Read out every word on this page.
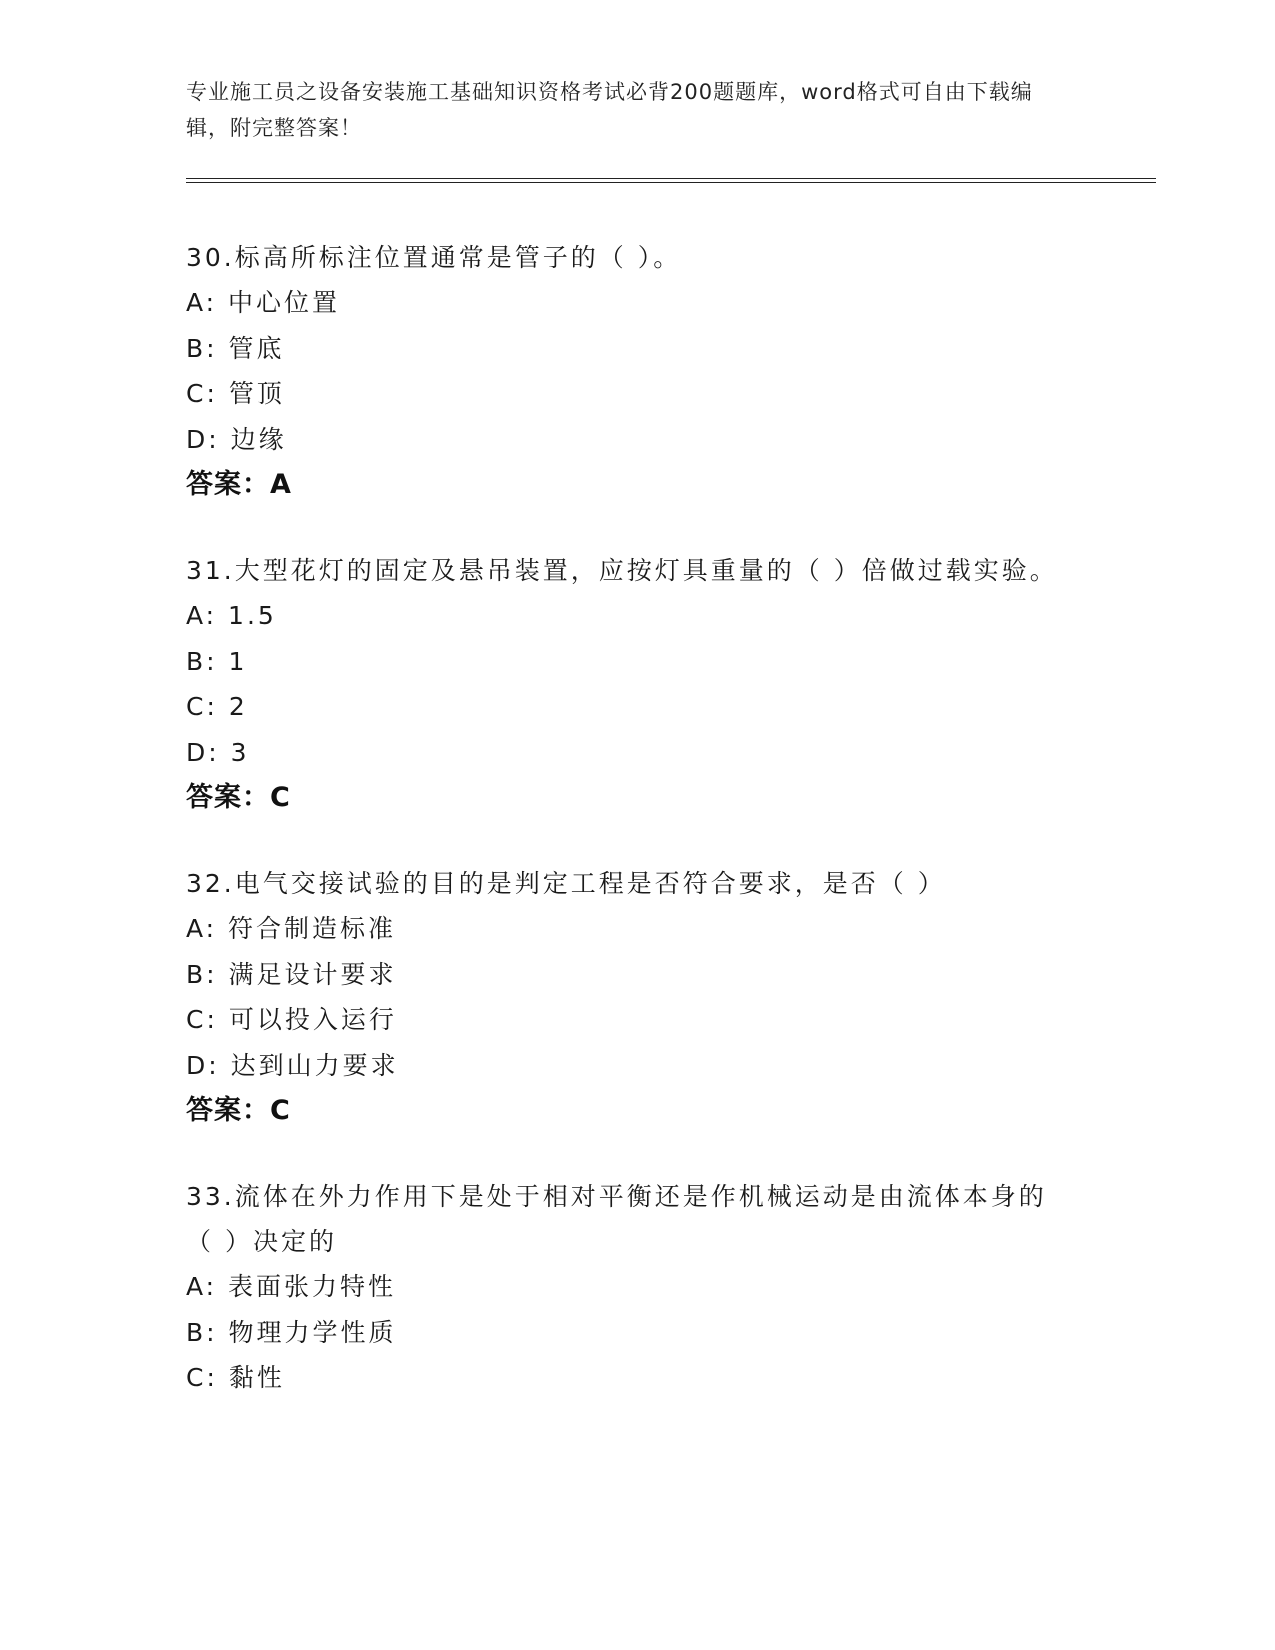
专业施工员之设备安装施工基础知识资格考试必背200题题库，word格式可自由下载编辑，附完整答案！
30.标高所标注位置通常是管子的（ ）。
A: 中心位置
B: 管底
C: 管顶
D: 边缘
答案：A
31.大型花灯的固定及悬吊装置，应按灯具重量的（ ）倍做过载实验。
A: 1.5
B: 1
C: 2
D: 3
答案：C
32.电气交接试验的目的是判定工程是否符合要求，是否（ ）
A: 符合制造标准
B: 满足设计要求
C: 可以投入运行
D: 达到山力要求
答案：C
33.流体在外力作用下是处于相对平衡还是作机械运动是由流体本身的（ ）决定的
A: 表面张力特性
B: 物理力学性质
C: 黏性
